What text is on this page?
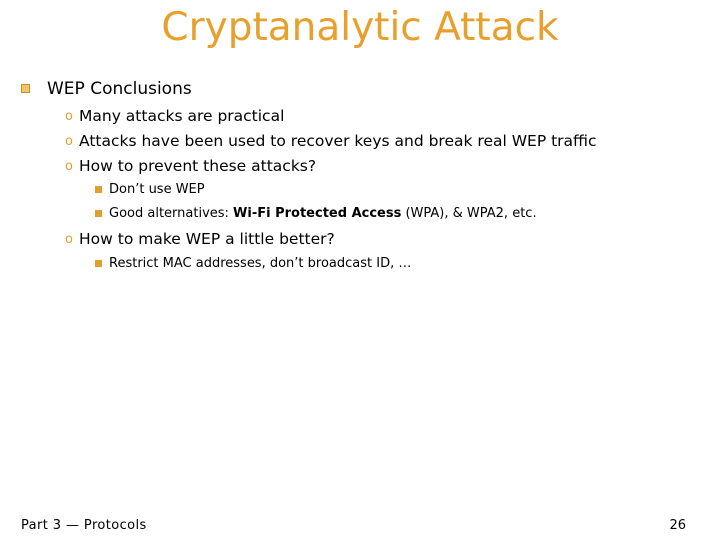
Cryptanalytic Attack
WEP Conclusions
o Many attacks are practical
o Attacks have been used to recover keys and break real WEP traffic
o How to prevent these attacks?
Don’t use WEP
Good alternatives: Wi-Fi Protected Access (WPA), & WPA2, etc.
o How to make WEP a little better?
Restrict MAC addresses, don’t broadcast ID, …
Part 3 — Protocols	26
